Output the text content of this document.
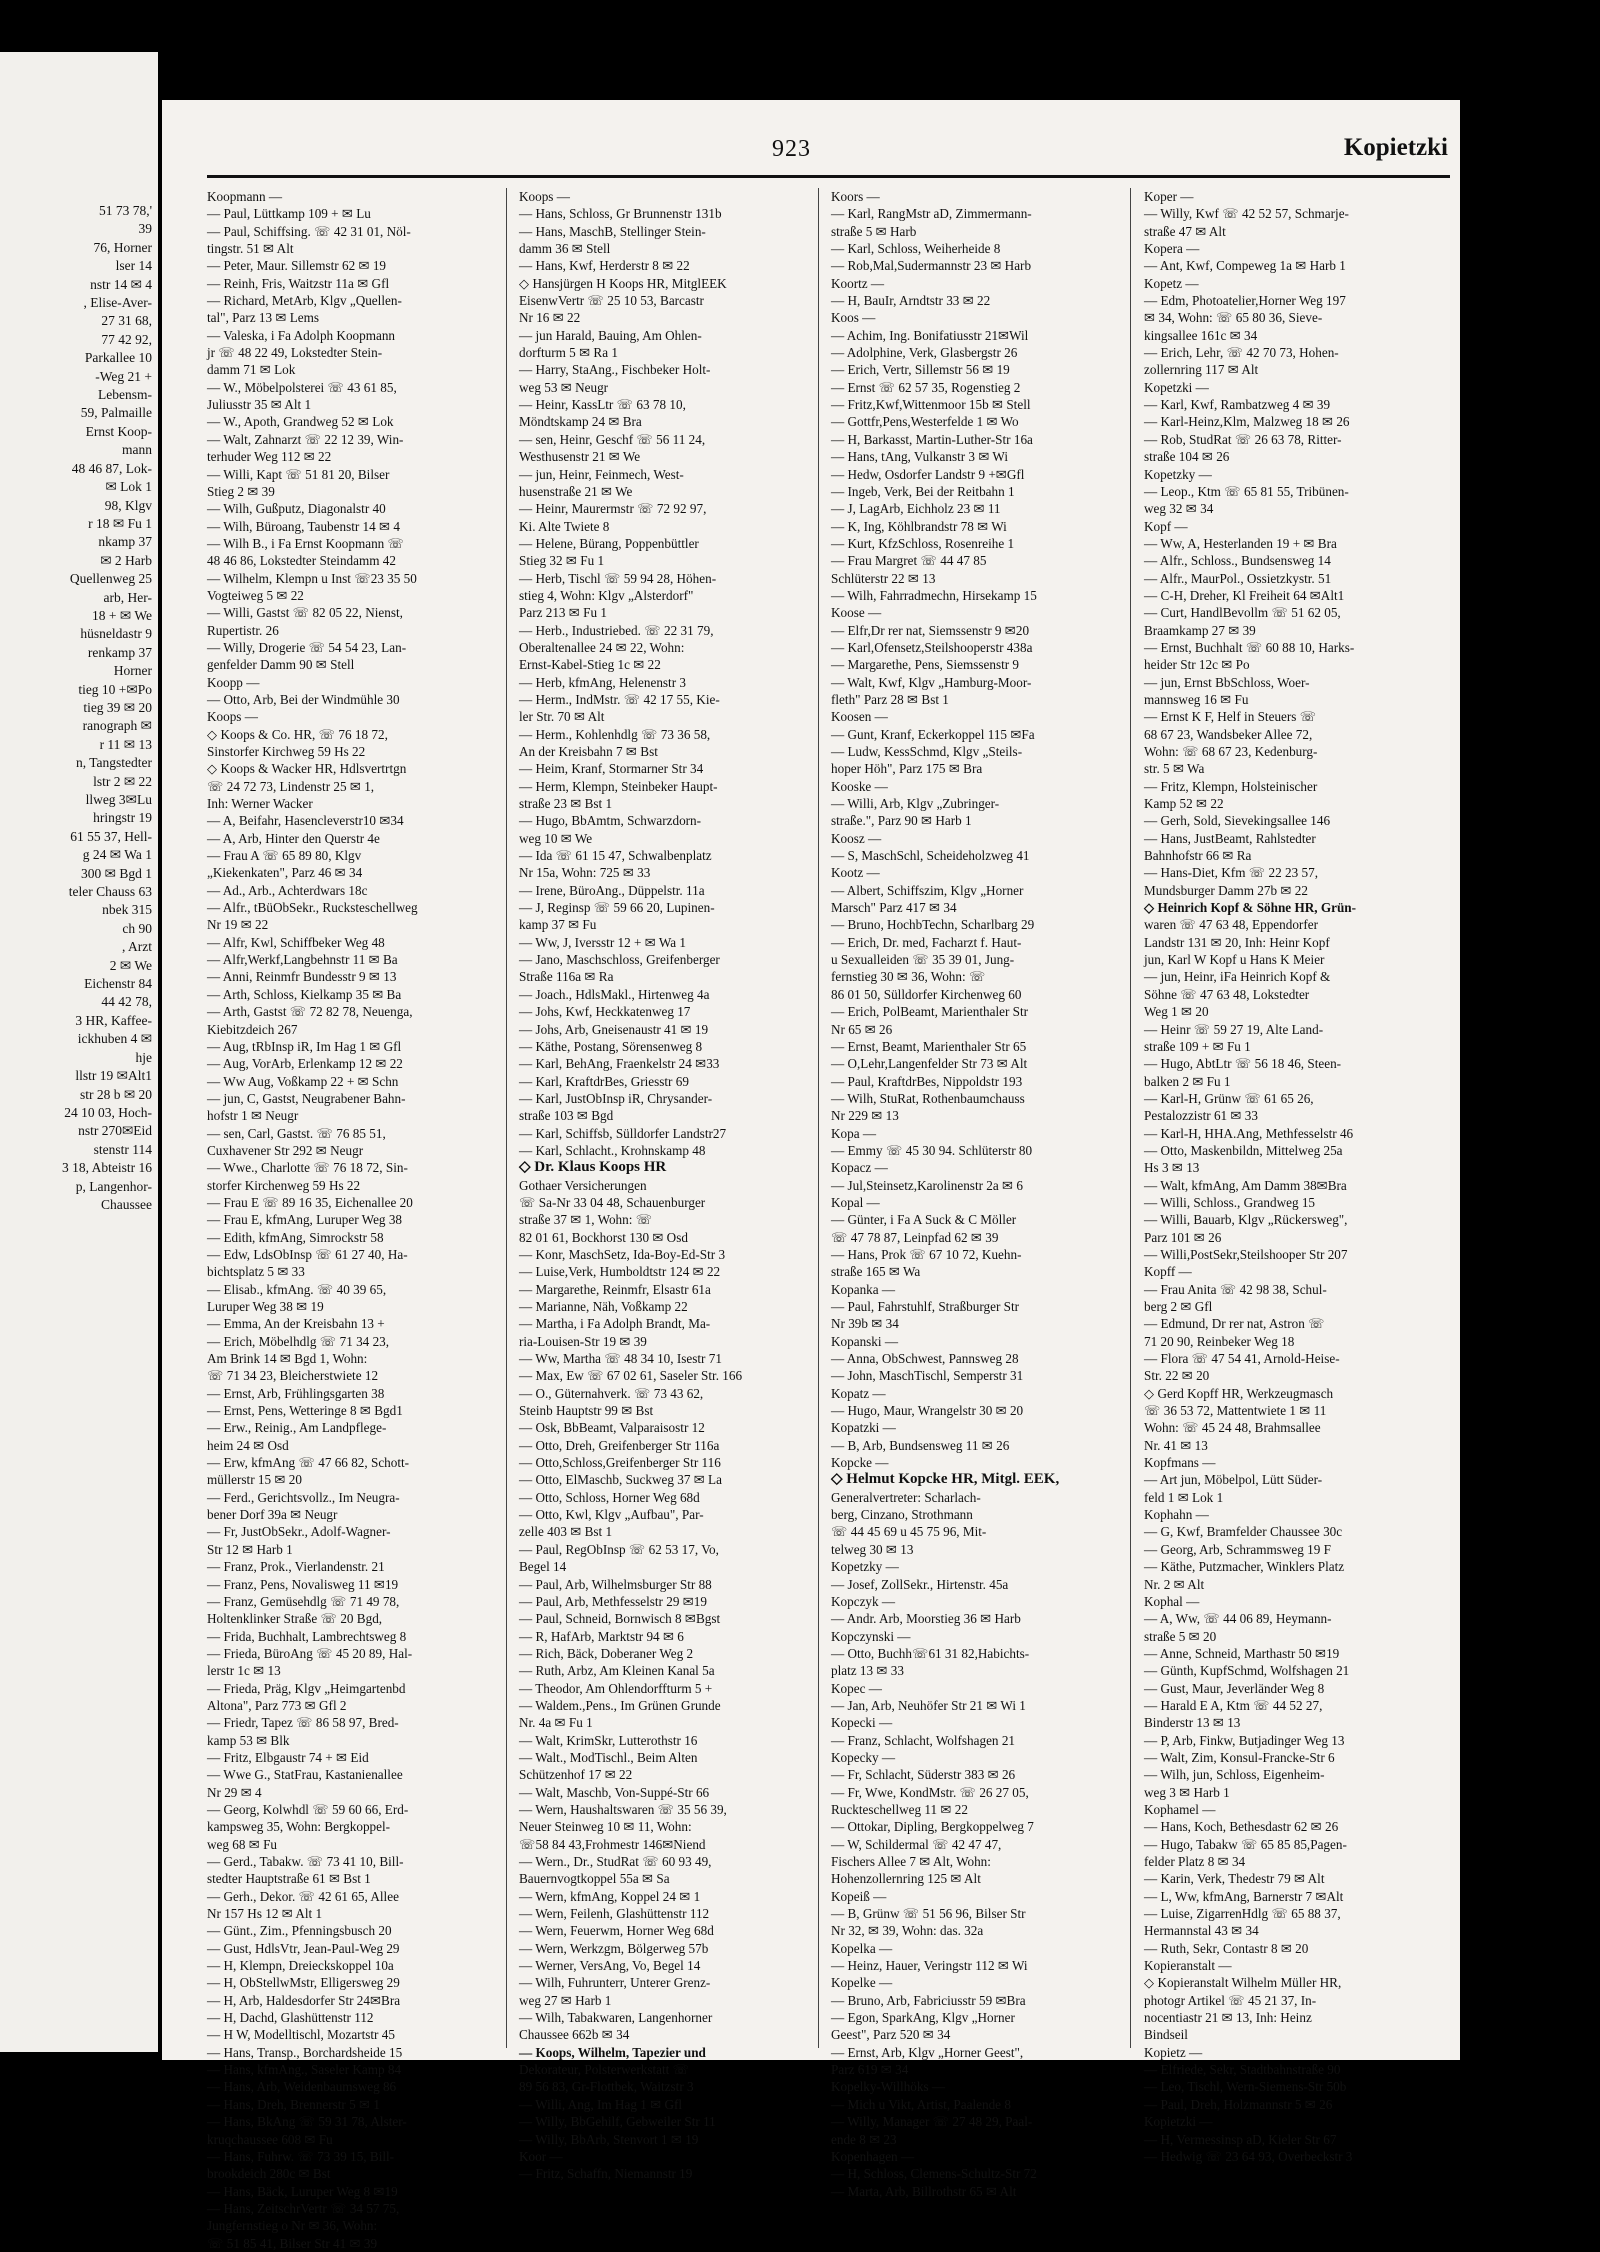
51 73 78,'
39
76, Horner
lser 14
nstr 14 ✉ 4
, Elise-Aver-
27 31 68,
77 42 92,
Parkallee 10
-Weg 21 +
Lebensm-
59, Palmaille
Ernst Koop-
mann
48 46 87, Lok-
✉ Lok 1
98, Klgv
r 18 ✉ Fu 1
nkamp 37
✉ 2 Harb
Quellenweg 25
arb, Her-
18 + ✉ We
hüsneldastr 9
renkamp 37
Horner
tieg 10 +✉Po
tieg 39 ✉ 20
ranograph ✉
r 11 ✉ 13
n, Tangstedter
lstr 2 ✉ 22
llweg 3✉Lu
hringstr 19
61 55 37, Hell-
g 24 ✉ Wa 1
300 ✉ Bgd 1
teler Chauss 63
nbek 315
ch 90
, Arzt
2 ✉ We
Eichenstr 84
44 42 78,
3 HR, Kaffee-
ickhuben 4 ✉
hje
llstr 19 ✉Alt1
str 28 b ✉ 20
24 10 03, Hoch-
nstr 270✉Eid
stenstr 114
3 18, Abteistr 16
p, Langenhor-
Chaussee
923	Kopietzki
Koopmann —
— Paul, Lüttkamp 109 + ✉ Lu
— Paul, Schiffsing. ☏ 42 31 01, Nöl-
tingstr. 51 ✉ Alt
— Peter, Maur. Sillemstr 62 ✉ 19
— Reinh, Fris, Waitzstr 11a ✉ Gfl
— Richard, MetArb, Klgv „Quellen-
tal", Parz 13 ✉ Lems
— Valeska, i Fa Adolph Koopmann
jr ☏ 48 22 49, Lokstedter Stein-
damm 71 ✉ Lok
— W., Möbelpolsterei ☏ 43 61 85,
Juliusstr 35 ✉ Alt 1
— W., Apoth, Grandweg 52 ✉ Lok
— Walt, Zahnarzt ☏ 22 12 39, Win-
terhuder Weg 112 ✉ 22
— Willi, Kapt ☏ 51 81 20, Bilser
Stieg 2 ✉ 39
— Wilh, Gußputz, Diagonalstr 40
— Wilh, Büroang, Taubenstr 14 ✉ 4
— Wilh B., i Fa Ernst Koopmann ☏
48 46 86, Lokstedter Steindamm 42
— Wilhelm, Klempn u Inst ☏23 35 50
Vogteiweg 5 ✉ 22
— Willi, Gastst ☏ 82 05 22, Nienst,
Rupertistr. 26
— Willy, Drogerie ☏ 54 54 23, Lan-
genfelder Damm 90 ✉ Stell
Koopp —
— Otto, Arb, Bei der Windmühle 30
Koops —
◇ Koops & Co. HR, ☏ 76 18 72,
Sinstorfer Kirchweg 59 Hs 22
◇ Koops & Wacker HR, Hdlsvertrtgn
☏ 24 72 73, Lindenstr 25 ✉ 1,
Inh: Werner Wacker
— A, Beifahr, Hasencleverstr10 ✉34
— A, Arb, Hinter den Querstr 4e
— Frau A ☏ 65 89 80, Klgv
„Kiekenkaten", Parz 46 ✉ 34
— Ad., Arb., Achterdwars 18c
— Alfr., tBüObSekr., Rucksteschellweg
Nr 19 ✉ 22
— Alfr, Kwl, Schiffbeker Weg 48
— Alfr,Werkf,Langbehnstr 11 ✉ Ba
— Anni, Reinmfr Bundesstr 9 ✉ 13
— Arth, Schloss, Kielkamp 35 ✉ Ba
— Arth, Gastst ☏ 72 82 78, Neuenga,
Kiebitzdeich 267
— Aug, tRbInsp iR, Im Hag 1 ✉ Gfl
— Aug, VorArb, Erlenkamp 12 ✉ 22
— Ww Aug, Voßkamp 22 + ✉ Schn
— jun, C, Gastst, Neugrabener Bahn-
hofstr 1 ✉ Neugr
— sen, Carl, Gastst. ☏ 76 85 51,
Cuxhavener Str 292 ✉ Neugr
— Wwe., Charlotte ☏ 76 18 72, Sin-
storfer Kirchenweg 59 Hs 22
— Frau E ☏ 89 16 35, Eichenallee 20
— Frau E, kfmAng, Luruper Weg 38
— Edith, kfmAng, Simrockstr 58
— Edw, LdsObInsp ☏ 61 27 40, Ha-
bichtsplatz 5 ✉ 33
— Elisab., kfmAng. ☏ 40 39 65,
Luruper Weg 38 ✉ 19
— Emma, An der Kreisbahn 13 +
— Erich, Möbelhdlg ☏ 71 34 23,
Am Brink 14 ✉ Bgd 1, Wohn:
☏ 71 34 23, Bleicherstwiete 12
— Ernst, Arb, Frühlingsgarten 38
— Ernst, Pens, Wetteringe 8 ✉ Bgd1
— Erw., Reinig., Am Landpflege-
heim 24 ✉ Osd
— Erw, kfmAng ☏ 47 66 82, Schott-
müllerstr 15 ✉ 20
— Ferd., Gerichtsvollz., Im Neugra-
bener Dorf 39a ✉ Neugr
— Fr, JustObSekr., Adolf-Wagner-
Str 12 ✉ Harb 1
— Franz, Prok., Vierlandenstr. 21
— Franz, Pens, Novalisweg 11 ✉19
— Franz, Gemüsehdlg ☏ 71 49 78,
Holtenklinker Straße ☏ 20 Bgd,
— Frida, Buchhalt, Lambrechtsweg 8
— Frieda, BüroAng ☏ 45 20 89, Hal-
lerstr 1c ✉ 13
— Frieda, Präg, Klgv „Heimgartenbd
Altona", Parz 773 ✉ Gfl 2
— Friedr, Tapez ☏ 86 58 97, Bred-
kamp 53 ✉ Blk
— Fritz, Elbgaustr 74 + ✉ Eid
— Wwe G., StatFrau, Kastanienallee
Nr 29 ✉ 4
— Georg, Kolwhdl ☏ 59 60 66, Erd-
kampsweg 35, Wohn: Bergkoppel-
weg 68 ✉ Fu
— Gerd., Tabakw. ☏ 73 41 10, Bill-
stedter Hauptstraße 61 ✉ Bst 1
— Gerh., Dekor. ☏ 42 61 65, Allee
Nr 157 Hs 12 ✉ Alt 1
— Günt., Zim., Pfenningsbusch 20
— Gust, HdlsVtr, Jean-Paul-Weg 29
— H, Klempn, Dreieckskoppel 10a
— H, ObStellwMstr, Elligersweg 29
— H, Arb, Haldesdorfer Str 24✉Bra
— H, Dachd, Glashüttenstr 112
— H W, Modelltischl, Mozartstr 45
— Hans, Transp., Borchardsheide 15
— Hans, kfmAng., Saseler Kamp 84
— Hans, Arb, Weidenbaumsweg 86
— Hans, Dreh, Brennerstr 5 ✉ 1
— Hans, BkAng ☏ 59 31 78, Alster-
kruqchaussee 608 ✉ Fu
— Hans, Fuhrw. ☏ 73 39 15, Bill-
brookdeich 280c ✉ Bst
— Hans, Bäck, Luruper Weg 8 ✉19
— Hans, ZeitschrVertr ☏ 34 57 75,
Jungfernstieg o Nr ✉ 36, Wohn:
☏ 51 85 41, Bilser Str 41 ✉ 39
Koops —
— Hans, Schloss, Gr Brunnenstr 131b
— Hans, MaschB, Stellinger Stein-
damm 36 ✉ Stell
— Hans, Kwf, Herderstr 8 ✉ 22
◇ Hansjürgen H Koops HR, MitglEEK
EisenwVertr ☏ 25 10 53, Barcastr
Nr 16 ✉ 22
— jun Harald, Bauing, Am Ohlen-
dorfturm 5 ✉ Ra 1
— Harry, StaAng., Fischbeker Holt-
weg 53 ✉ Neugr
— Heinr, KassLtr ☏ 63 78 10,
Möndtskamp 24 ✉ Bra
— sen, Heinr, Geschf ☏ 56 11 24,
Westhusenstr 21 ✉ We
— jun, Heinr, Feinmech, West-
husenstraße 21 ✉ We
— Heinr, Maurermstr ☏ 72 92 97,
Ki. Alte Twiete 8
— Helene, Bürang, Poppenbüttler
Stieg 32 ✉ Fu 1
— Herb, Tischl ☏ 59 94 28, Höhen-
stieg 4, Wohn: Klgv „Alsterdorf"
Parz 213 ✉ Fu 1
— Herb., Industriebed. ☏ 22 31 79,
Oberaltenallee 24 ✉ 22, Wohn:
Ernst-Kabel-Stieg 1c ✉ 22
— Herb, kfmAng, Helenenstr 3
— Herm., IndMstr. ☏ 42 17 55, Kie-
ler Str. 70 ✉ Alt
— Herm., Kohlenhdlg ☏ 73 36 58,
An der Kreisbahn 7 ✉ Bst
— Heim, Kranf, Stormarner Str 34
— Herm, Klempn, Steinbeker Haupt-
straße 23 ✉ Bst 1
— Hugo, BbAmtm, Schwarzdorn-
weg 10 ✉ We
— Ida ☏ 61 15 47, Schwalbenplatz
Nr 15a, Wohn: 725 ✉ 33
— Irene, BüroAng., Düppelstr. 11a
— J, Reginsp ☏ 59 66 20, Lupinen-
kamp 37 ✉ Fu
— Ww, J, Iversstr 12 + ✉ Wa 1
— Jano, Maschschloss, Greifenberger
Straße 116a ✉ Ra
— Joach., HdlsMakl., Hirtenweg 4a
— Johs, Kwf, Heckkatenweg 17
— Johs, Arb, Gneisenaustr 41 ✉ 19
— Käthe, Postang, Sörensenweg 8
— Karl, BehAng, Fraenkelstr 24 ✉33
— Karl, KraftdrBes, Griesstr 69
— Karl, JustObInsp iR, Chrysander-
straße 103 ✉ Bgd
— Karl, Schiffsb, Sülldorfer Landstr27
— Karl, Schlacht., Krohnskamp 48
◇ Dr. Klaus Koops HR
Gothaer Versicherungen
☏ Sa-Nr 33 04 48, Schauenburger
straße 37 ✉ 1, Wohn: ☏
82 01 61, Bockhorst 130 ✉ Osd
— Konr, MaschSetz, Ida-Boy-Ed-Str 3
— Luise,Verk, Humboldtstr 124 ✉ 22
— Margarethe, Reinmfr, Elsastr 61a
— Marianne, Näh, Voßkamp 22
— Martha, i Fa Adolph Brandt, Ma-
ria-Louisen-Str 19 ✉ 39
— Ww, Martha ☏ 48 34 10, Isestr 71
— Max, Ew ☏ 67 02 61, Saseler Str. 166
— O., Güternahverk. ☏ 73 43 62,
Steinb Hauptstr 99 ✉ Bst
— Osk, BbBeamt, Valparaisostr 12
— Otto, Dreh, Greifenberger Str 116a
— Otto,Schloss,Greifenberger Str 116
— Otto, ElMaschb, Suckweg 37 ✉ La
— Otto, Schloss, Horner Weg 68d
— Otto, Kwl, Klgv „Aufbau", Par-
zelle 403 ✉ Bst 1
— Paul, RegObInsp ☏ 62 53 17, Vo,
Begel 14
— Paul, Arb, Wilhelmsburger Str 88
— Paul, Arb, Methfesselstr 29 ✉19
— Paul, Schneid, Bornwisch 8 ✉Bgst
— R, HafArb, Marktstr 94 ✉ 6
— Rich, Bäck, Doberaner Weg 2
— Ruth, Arbz, Am Kleinen Kanal 5a
— Theodor, Am Ohlendorffturm 5 +
— Waldem.,Pens., Im Grünen Grunde
Nr. 4a ✉ Fu 1
— Walt, KrimSkr, Lutterothstr 16
— Walt., ModTischl., Beim Alten
Schützenhof 17 ✉ 22
— Walt, Maschb, Von-Suppé-Str 66
— Wern, Haushaltswaren ☏ 35 56 39,
Neuer Steinweg 10 ✉ 11, Wohn:
☏58 84 43,Frohmestr 146✉Niend
— Wern., Dr., StudRat ☏ 60 93 49,
Bauernvogtkoppel 55a ✉ Sa
— Wern, kfmAng, Koppel 24 ✉ 1
— Wern, Feilenh, Glashüttenstr 112
— Wern, Feuerwm, Horner Weg 68d
— Wern, Werkzgm, Bölgerweg 57b
— Werner, VersAng, Vo, Begel 14
— Wilh, Fuhrunterr, Unterer Grenz-
weg 27 ✉ Harb 1
— Wilh, Tabakwaren, Langenhorner
Chaussee 662b ✉ 34
— Koops, Wilhelm, Tapezier und
Dekorateur, Polsterwerkstatt ☏
89 56 83, Gr-Flottbek, Waitzstr 3
— Willi, Ang, Im Hag 1 ✉ Gfl
— Willy, BbGehilf, Gebweiler Str 11
— Willy, BbArb, Stenvort 1 ✉ 19
Koor —
— Fritz, Schaffn, Niemannstr 19
Koors —
— Karl, RangMstr aD, Zimmermann-
straße 5 ✉ Harb
— Karl, Schloss, Weiherheide 8
— Rob,Mal,Sudermannstr 23 ✉ Harb
Koortz —
— H, BauIr, Arndtstr 33 ✉ 22
Koos —
— Achim, Ing. Bonifatiusstr 21✉Wil
— Adolphine, Verk, Glasbergstr 26
— Erich, Vertr, Sillemstr 56 ✉ 19
— Ernst ☏ 62 57 35, Rogenstieg 2
— Fritz,Kwf,Wittenmoor 15b ✉ Stell
— Gottfr,Pens,Westerfelde 1 ✉ Wo
— H, Barkasst, Martin-Luther-Str 16a
— Hans, tAng, Vulkanstr 3 ✉ Wi
— Hedw, Osdorfer Landstr 9 +✉Gfl
— Ingeb, Verk, Bei der Reitbahn 1
— J, LagArb, Eichholz 23 ✉ 11
— K, Ing, Köhlbrandstr 78 ✉ Wi
— Kurt, KfzSchloss, Rosenreihe 1
— Frau Margret ☏ 44 47 85
Schlüterstr 22 ✉ 13
— Wilh, Fahrradmechn, Hirsekamp 15
Koose —
— Elfr,Dr rer nat, Siemssenstr 9 ✉20
— Karl,Ofensetz,Steilshooperstr 438a
— Margarethe, Pens, Siemssenstr 9
— Walt, Kwf, Klgv „Hamburg-Moor-
fleth" Parz 28 ✉ Bst 1
Koosen —
— Gunt, Kranf, Eckerkoppel 115 ✉Fa
— Ludw, KessSchmd, Klgv „Steils-
hoper Höh", Parz 175 ✉ Bra
Kooske —
— Willi, Arb, Klgv „Zubringer-
straße.", Parz 90 ✉ Harb 1
Koosz —
— S, MaschSchl, Scheideholzweg 41
Kootz —
— Albert, Schiffszim, Klgv „Horner
Marsch" Parz 417 ✉ 34
— Bruno, HochbTechn, Scharlbarg 29
— Erich, Dr. med, Facharzt f. Haut-
u Sexualleiden ☏ 35 39 01, Jung-
fernstieg 30 ✉ 36, Wohn: ☏
86 01 50, Sülldorfer Kirchenweg 60
— Erich, PolBeamt, Marienthaler Str
Nr 65 ✉ 26
— Ernst, Beamt, Marienthaler Str 65
— O,Lehr,Langenfelder Str 73 ✉ Alt
— Paul, KraftdrBes, Nippoldstr 193
— Wilh, StuRat, Rothenbaumchauss
Nr 229 ✉ 13
Kopa —
— Emmy ☏ 45 30 94. Schlüterstr 80
Kopacz —
— Jul,Steinsetz,Karolinenstr 2a ✉ 6
Kopal —
— Günter, i Fa A Suck & C Möller
☏ 47 78 87, Leinpfad 62 ✉ 39
— Hans, Prok ☏ 67 10 72, Kuehn-
straße 165 ✉ Wa
Kopanka —
— Paul, Fahrstuhlf, Straßburger Str
Nr 39b ✉ 34
Kopanski —
— Anna, ObSchwest, Pannsweg 28
— John, MaschTischl, Semperstr 31
Kopatz —
— Hugo, Maur, Wrangelstr 30 ✉ 20
Kopatzki —
— B, Arb, Bundsensweg 11 ✉ 26
Kopcke —
◇ Helmut Kopcke HR, Mitgl. EEK,
Generalvertreter: Scharlach-
berg, Cinzano, Strothmann
☏ 44 45 69 u 45 75 96, Mit-
telweg 30 ✉ 13
Kopetzky —
— Josef, ZollSekr., Hirtenstr. 45a
Kopczyk —
— Andr. Arb, Moorstieg 36 ✉ Harb
Kopczynski —
— Otto, Buchh☏61 31 82,Habichts-
platz 13 ✉ 33
Kopec —
— Jan, Arb, Neuhöfer Str 21 ✉ Wi 1
Kopecki —
— Franz, Schlacht, Wolfshagen 21
Kopecky —
— Fr, Schlacht, Süderstr 383 ✉ 26
— Fr, Wwe, KondMstr. ☏ 26 27 05,
Ruckteschellweg 11 ✉ 22
— Ottokar, Dipling, Bergkoppelweg 7
— W, Schildermal ☏ 42 47 47,
Fischers Allee 7 ✉ Alt, Wohn:
Hohenzollernring 125 ✉ Alt
Kopeiß —
— B, Grünw ☏ 51 56 96, Bilser Str
Nr 32, ✉ 39, Wohn: das. 32a
Kopelka —
— Heinz, Hauer, Veringstr 112 ✉ Wi
Kopelke —
— Bruno, Arb, Fabriciusstr 59 ✉Bra
— Egon, SparkAng, Klgv „Horner
Geest", Parz 520 ✉ 34
— Ernst, Arb, Klgv „Horner Geest",
Parz 619 ✉ 34
Kopelky-Willhöks —
— Mich u Vikt, Artist, Paalende 8
— Willy, Manager ☏ 27 48 29, Paal-
ende 8 ✉ 23
Kopenhagen —
— H, Schloss, Clemens-Schultz-Str 72
— Marta, Arb, Billrothstr 65 ✉ Alt
Koper —
— Willy, Kwf ☏ 42 52 57, Schmarje-
straße 47 ✉ Alt
Kopera —
— Ant, Kwf, Compeweg 1a ✉ Harb 1
Kopetz —
— Edm, Photoatelier,Horner Weg 197
✉ 34, Wohn: ☏ 65 80 36, Sieve-
kingsallee 161c ✉ 34
— Erich, Lehr, ☏ 42 70 73, Hohen-
zollernring 117 ✉ Alt
Kopetzki —
— Karl, Kwf, Rambatzweg 4 ✉ 39
— Karl-Heinz,Klm, Malzweg 18 ✉ 26
— Rob, StudRat ☏ 26 63 78, Ritter-
straße 104 ✉ 26
Kopetzky —
— Leop., Ktm ☏ 65 81 55, Tribünen-
weg 32 ✉ 34
Kopf —
— Ww, A, Hesterlanden 19 + ✉ Bra
— Alfr., Schloss., Bundsensweg 14
— Alfr., MaurPol., Ossietzkystr. 51
— C-H, Dreher, Kl Freiheit 64 ✉Alt1
— Curt, HandlBevollm ☏ 51 62 05,
Braamkamp 27 ✉ 39
— Ernst, Buchhalt ☏ 60 88 10, Harks-
heider Str 12c ✉ Po
— jun, Ernst BbSchloss, Woer-
mannsweg 16 ✉ Fu
— Ernst K F, Helf in Steuers ☏
68 67 23, Wandsbeker Allee 72,
Wohn: ☏ 68 67 23, Kedenburg-
str. 5 ✉ Wa
— Fritz, Klempn, Holsteinischer
Kamp 52 ✉ 22
— Gerh, Sold, Sievekingsallee 146
— Hans, JustBeamt, Rahlstedter
Bahnhofstr 66 ✉ Ra
— Hans-Diet, Kfm ☏ 22 23 57,
Mundsburger Damm 27b ✉ 22
◇ Heinrich Kopf & Söhne HR, Grün-
waren ☏ 47 63 48, Eppendorfer
Landstr 131 ✉ 20, Inh: Heinr Kopf
jun, Karl W Kopf u Hans K Meier
— jun, Heinr, iFa Heinrich Kopf &
Söhne ☏ 47 63 48, Lokstedter
Weg 1 ✉ 20
— Heinr ☏ 59 27 19, Alte Land-
straße 109 + ✉ Fu 1
— Hugo, AbtLtr ☏ 56 18 46, Steen-
balken 2 ✉ Fu 1
— Karl-H, Grünw ☏ 61 65 26,
Pestalozzistr 61 ✉ 33
— Karl-H, HHA.Ang, Methfesselstr 46
— Otto, Maskenbildn, Mittelweg 25a
Hs 3 ✉ 13
— Walt, kfmAng, Am Damm 38✉Bra
— Willi, Schloss., Grandweg 15
— Willi, Bauarb, Klgv „Rückersweg",
Parz 101 ✉ 26
— Willi,PostSekr,Steilshooper Str 207
Kopff —
— Frau Anita ☏ 42 98 38, Schul-
berg 2 ✉ Gfl
— Edmund, Dr rer nat, Astron ☏
71 20 90, Reinbeker Weg 18
— Flora ☏ 47 54 41, Arnold-Heise-
Str. 22 ✉ 20
◇ Gerd Kopff HR, Werkzeugmasch
☏ 36 53 72, Mattentwiete 1 ✉ 11
Wohn: ☏ 45 24 48, Brahmsallee
Nr. 41 ✉ 13
Kopfmans —
— Art jun, Möbelpol, Lütt Süder-
feld 1 ✉ Lok 1
Kophahn —
— G, Kwf, Bramfelder Chaussee 30c
— Georg, Arb, Schrammsweg 19 F
— Käthe, Putzmacher, Winklers Platz
Nr. 2 ✉ Alt
Kophal —
— A, Ww, ☏ 44 06 89, Heymann-
straße 5 ✉ 20
— Anne, Schneid, Marthastr 50 ✉19
— Günth, KupfSchmd, Wolfshagen 21
— Gust, Maur, Jeverländer Weg 8
— Harald E A, Ktm ☏ 44 52 27,
Binderstr 13 ✉ 13
— P, Arb, Finkw, Butjadinger Weg 13
— Walt, Zim, Konsul-Francke-Str 6
— Wilh, jun, Schloss, Eigenheim-
weg 3 ✉ Harb 1
Kophamel —
— Hans, Koch, Bethesdastr 62 ✉ 26
— Hugo, Tabakw ☏ 65 85 85,Pagen-
felder Platz 8 ✉ 34
— Karin, Verk, Thedestr 79 ✉ Alt
— L, Ww, kfmAng, Barnerstr 7 ✉Alt
— Luise, ZigarrenHdlg ☏ 65 88 37,
Hermannstal 43 ✉ 34
— Ruth, Sekr, Contastr 8 ✉ 20
Kopieranstalt —
◇ Kopieranstalt Wilhelm Müller HR,
photogr Artikel ☏ 45 21 37, In-
nocentiastr 21 ✉ 13, Inh: Heinz
Bindseil
Kopietz —
— Elfriede, Sekr, Stadtbahnstraße 90
— Leo, Tischl, Wern-Siemens-Str 50b
— Paul, Dreh, Holzmannstr 5 ✉ 26
Kopietzki —
— H, Vermessinsp aD, Kieler Str 67
— Hedwig ☏ 23 64 93, Overbeckstr 3
